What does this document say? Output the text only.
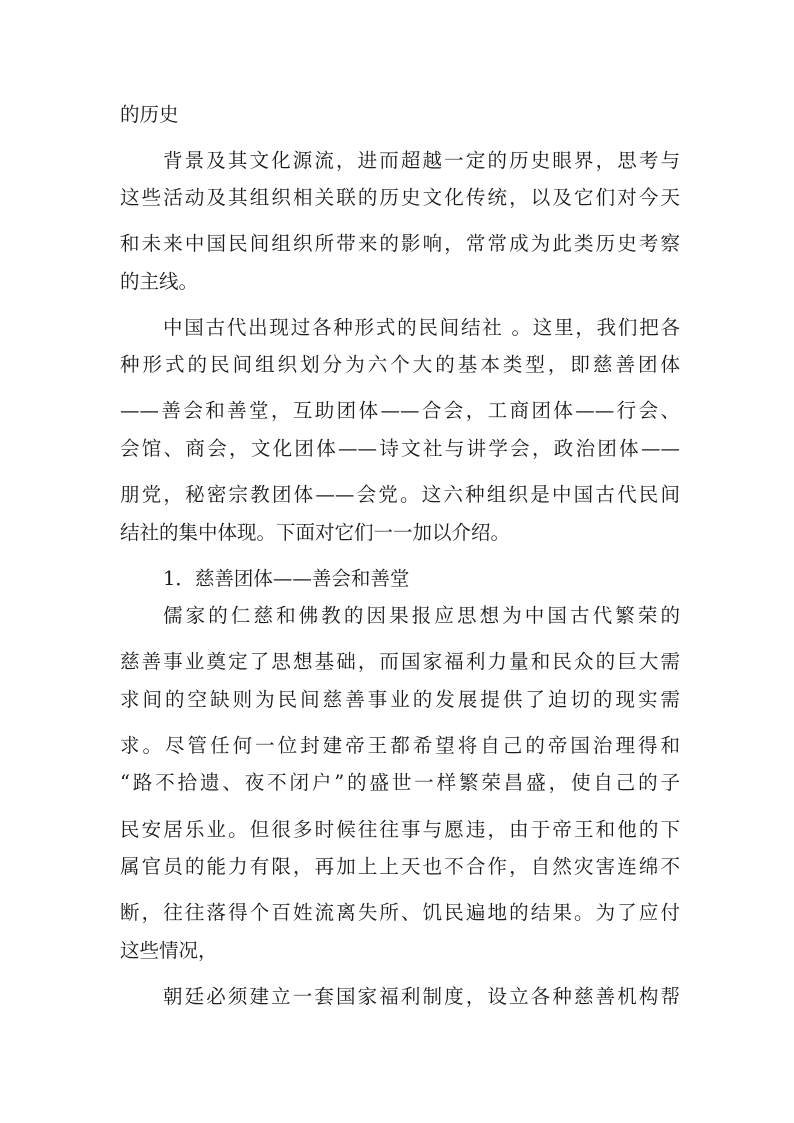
的历史
背景及其文化源流，进而超越一定的历史眼界，思考与
这些活动及其组织相关联的历史文化传统，以及它们对今天
和未来中国民间组织所带来的影响，常常成为此类历史考察
的主线。
中国古代出现过各种形式的民间结社 。这里，我们把各
种形式的民间组织划分为六个大的基本类型，即慈善团体
——善会和善堂，互助团体——合会，工商团体——行会、
会馆、商会，文化团体——诗文社与讲学会，政治团体——
朋党，秘密宗教团体——会党。这六种组织是中国古代民间
结社的集中体现。下面对它们一一加以介绍。
1．慈善团体——善会和善堂
儒家的仁慈和佛教的因果报应思想为中国古代繁荣的
慈善事业奠定了思想基础，而国家福利力量和民众的巨大需
求间的空缺则为民间慈善事业的发展提供了迫切的现实需
求。尽管任何一位封建帝王都希望将自己的帝国治理得和
“路不拾遗、夜不闭户”的盛世一样繁荣昌盛，使自己的子
民安居乐业。但很多时候往往事与愿违，由于帝王和他的下
属官员的能力有限，再加上上天也不合作，自然灾害连绵不
断，往往落得个百姓流离失所、饥民遍地的结果。为了应付
这些情况，
朝廷必须建立一套国家福利制度，设立各种慈善机构帮
